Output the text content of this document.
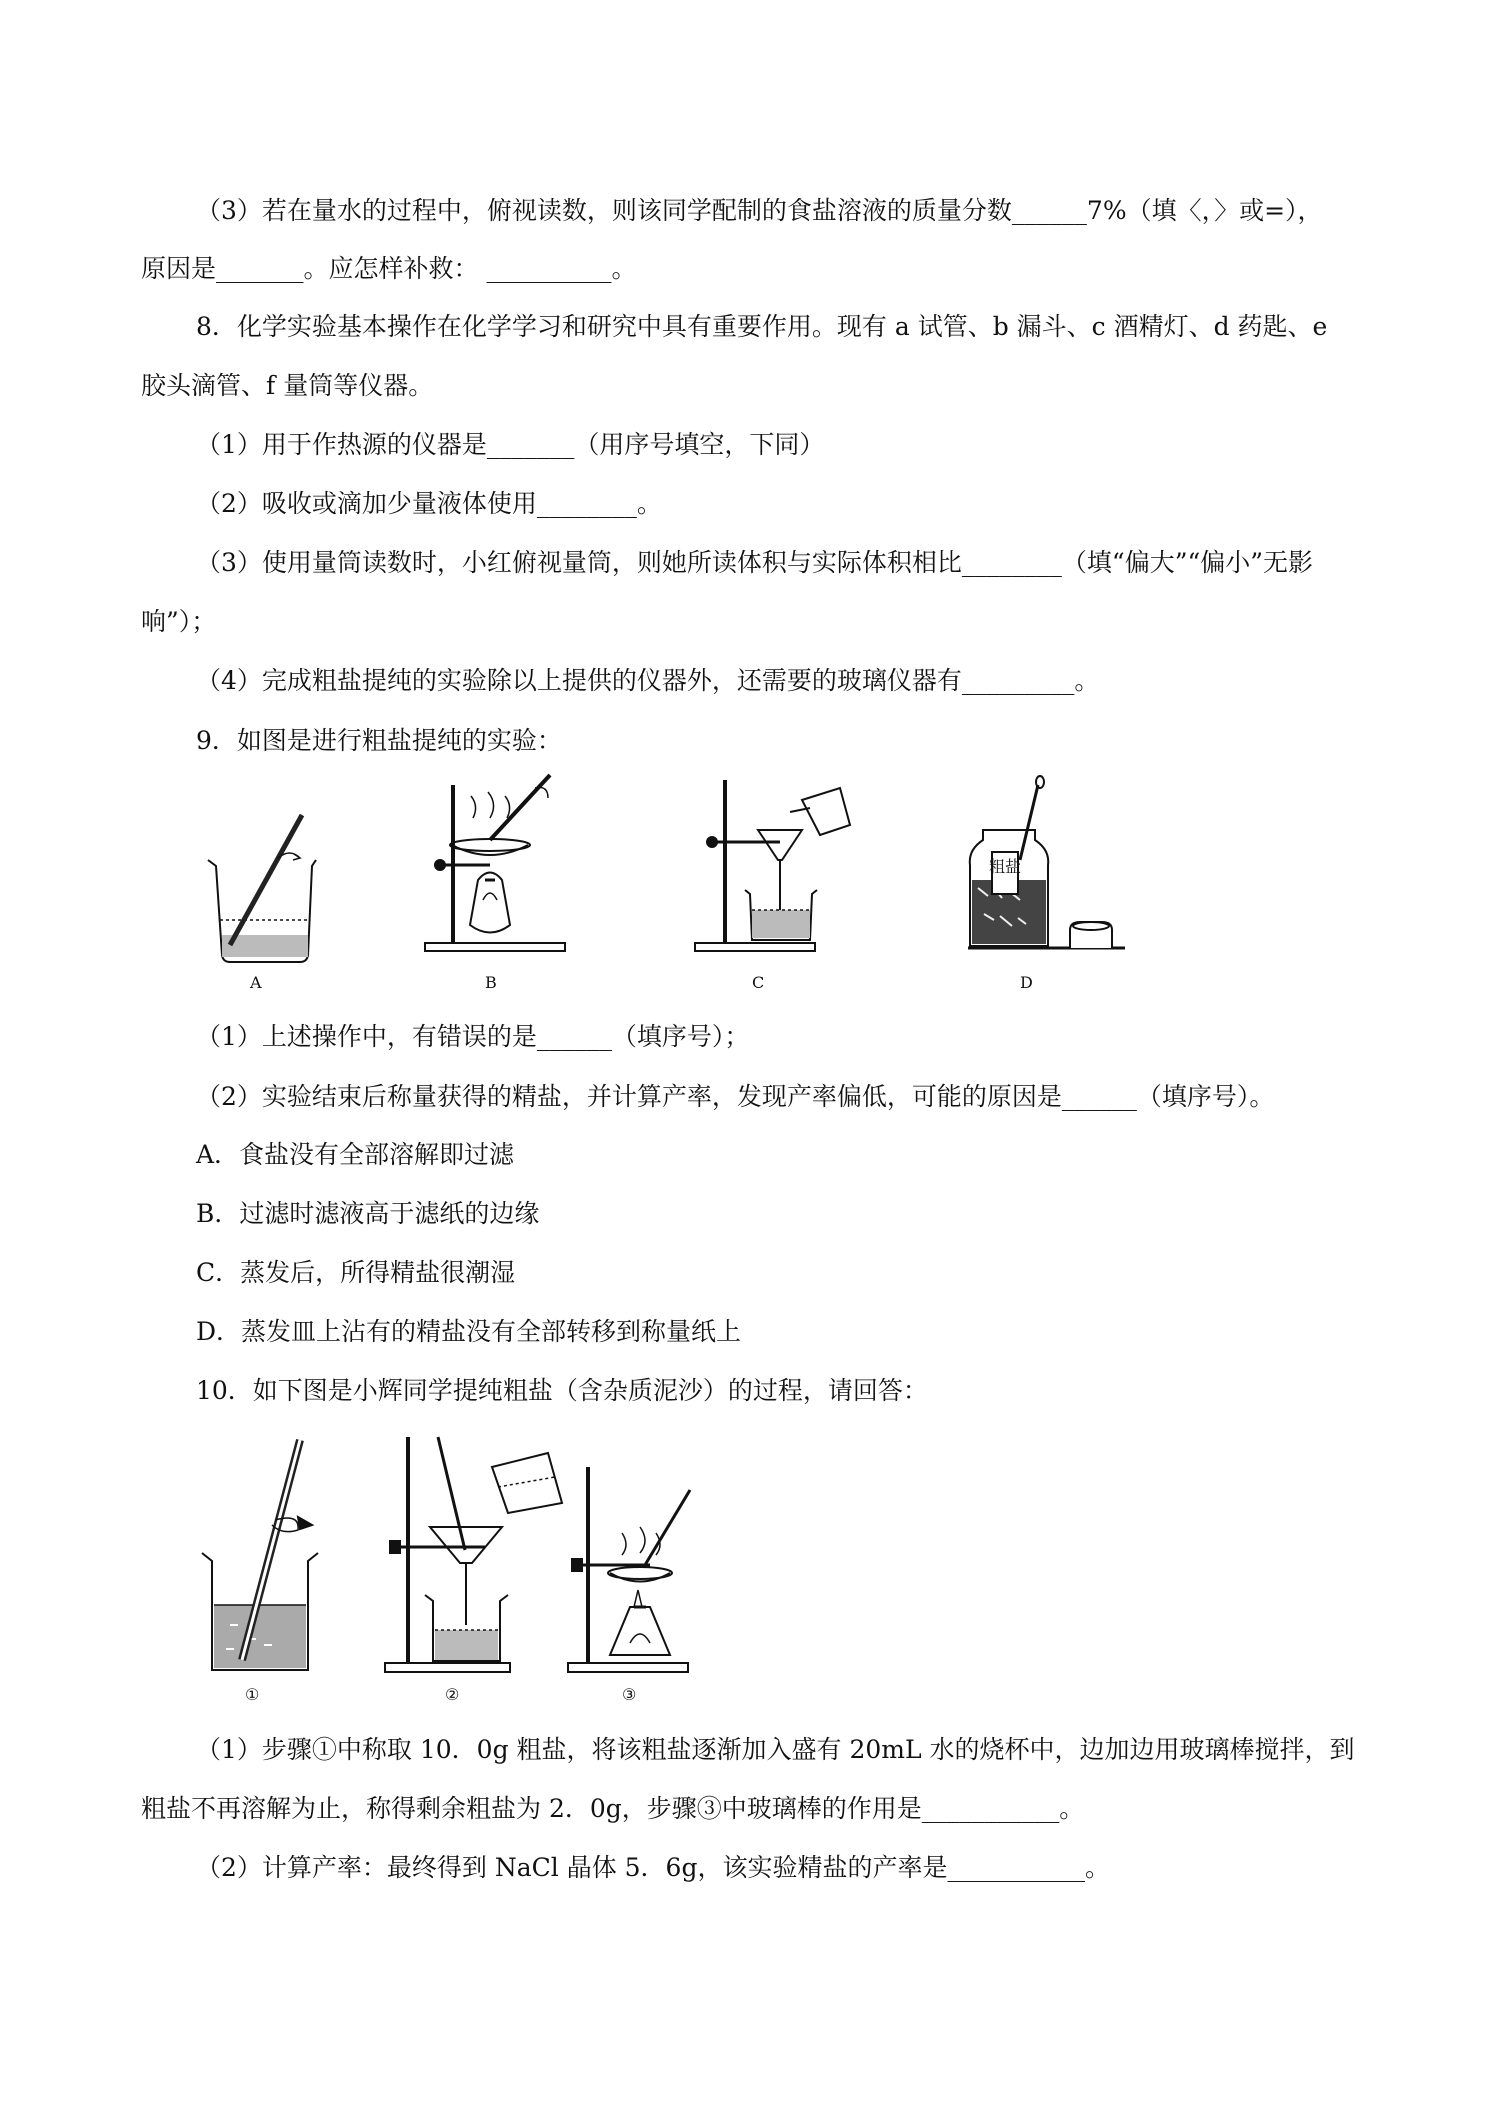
（3）若在量水的过程中，俯视读数，则该同学配制的食盐溶液的质量分数______7%（填〈，〉或=），
原因是_______。应怎样补救： __________。
8．化学实验基本操作在化学学习和研究中具有重要作用。现有 a 试管、b 漏斗、c 酒精灯、d 药匙、e
胶头滴管、f 量筒等仪器。
（1）用于作热源的仪器是_______（用序号填空，下同）
（2）吸收或滴加少量液体使用________。
（3）使用量筒读数时，小红俯视量筒，则她所读体积与实际体积相比________（填“偏大”“偏小”无影
响”）；
（4）完成粗盐提纯的实验除以上提供的仪器外，还需要的玻璃仪器有_________。
9．如图是进行粗盐提纯的实验：
A	B	C
粗盐
D
（1）上述操作中，有错误的是______（填序号）；
（2）实验结束后称量获得的精盐，并计算产率，发现产率偏低，可能的原因是______（填序号）。
A．食盐没有全部溶解即过滤
B．过滤时滤液高于滤纸的边缘
C．蒸发后，所得精盐很潮湿
D．蒸发皿上沾有的精盐没有全部转移到称量纸上
10．如下图是小辉同学提纯粗盐（含杂质泥沙）的过程，请回答：
①	②	③
（1）步骤①中称取 10．0g 粗盐，将该粗盐逐渐加入盛有 20mL 水的烧杯中，边加边用玻璃棒搅拌，到
粗盐不再溶解为止，称得剩余粗盐为 2．0g，步骤③中玻璃棒的作用是___________。
（2）计算产率：最终得到 NaCl 晶体 5．6g，该实验精盐的产率是___________。
